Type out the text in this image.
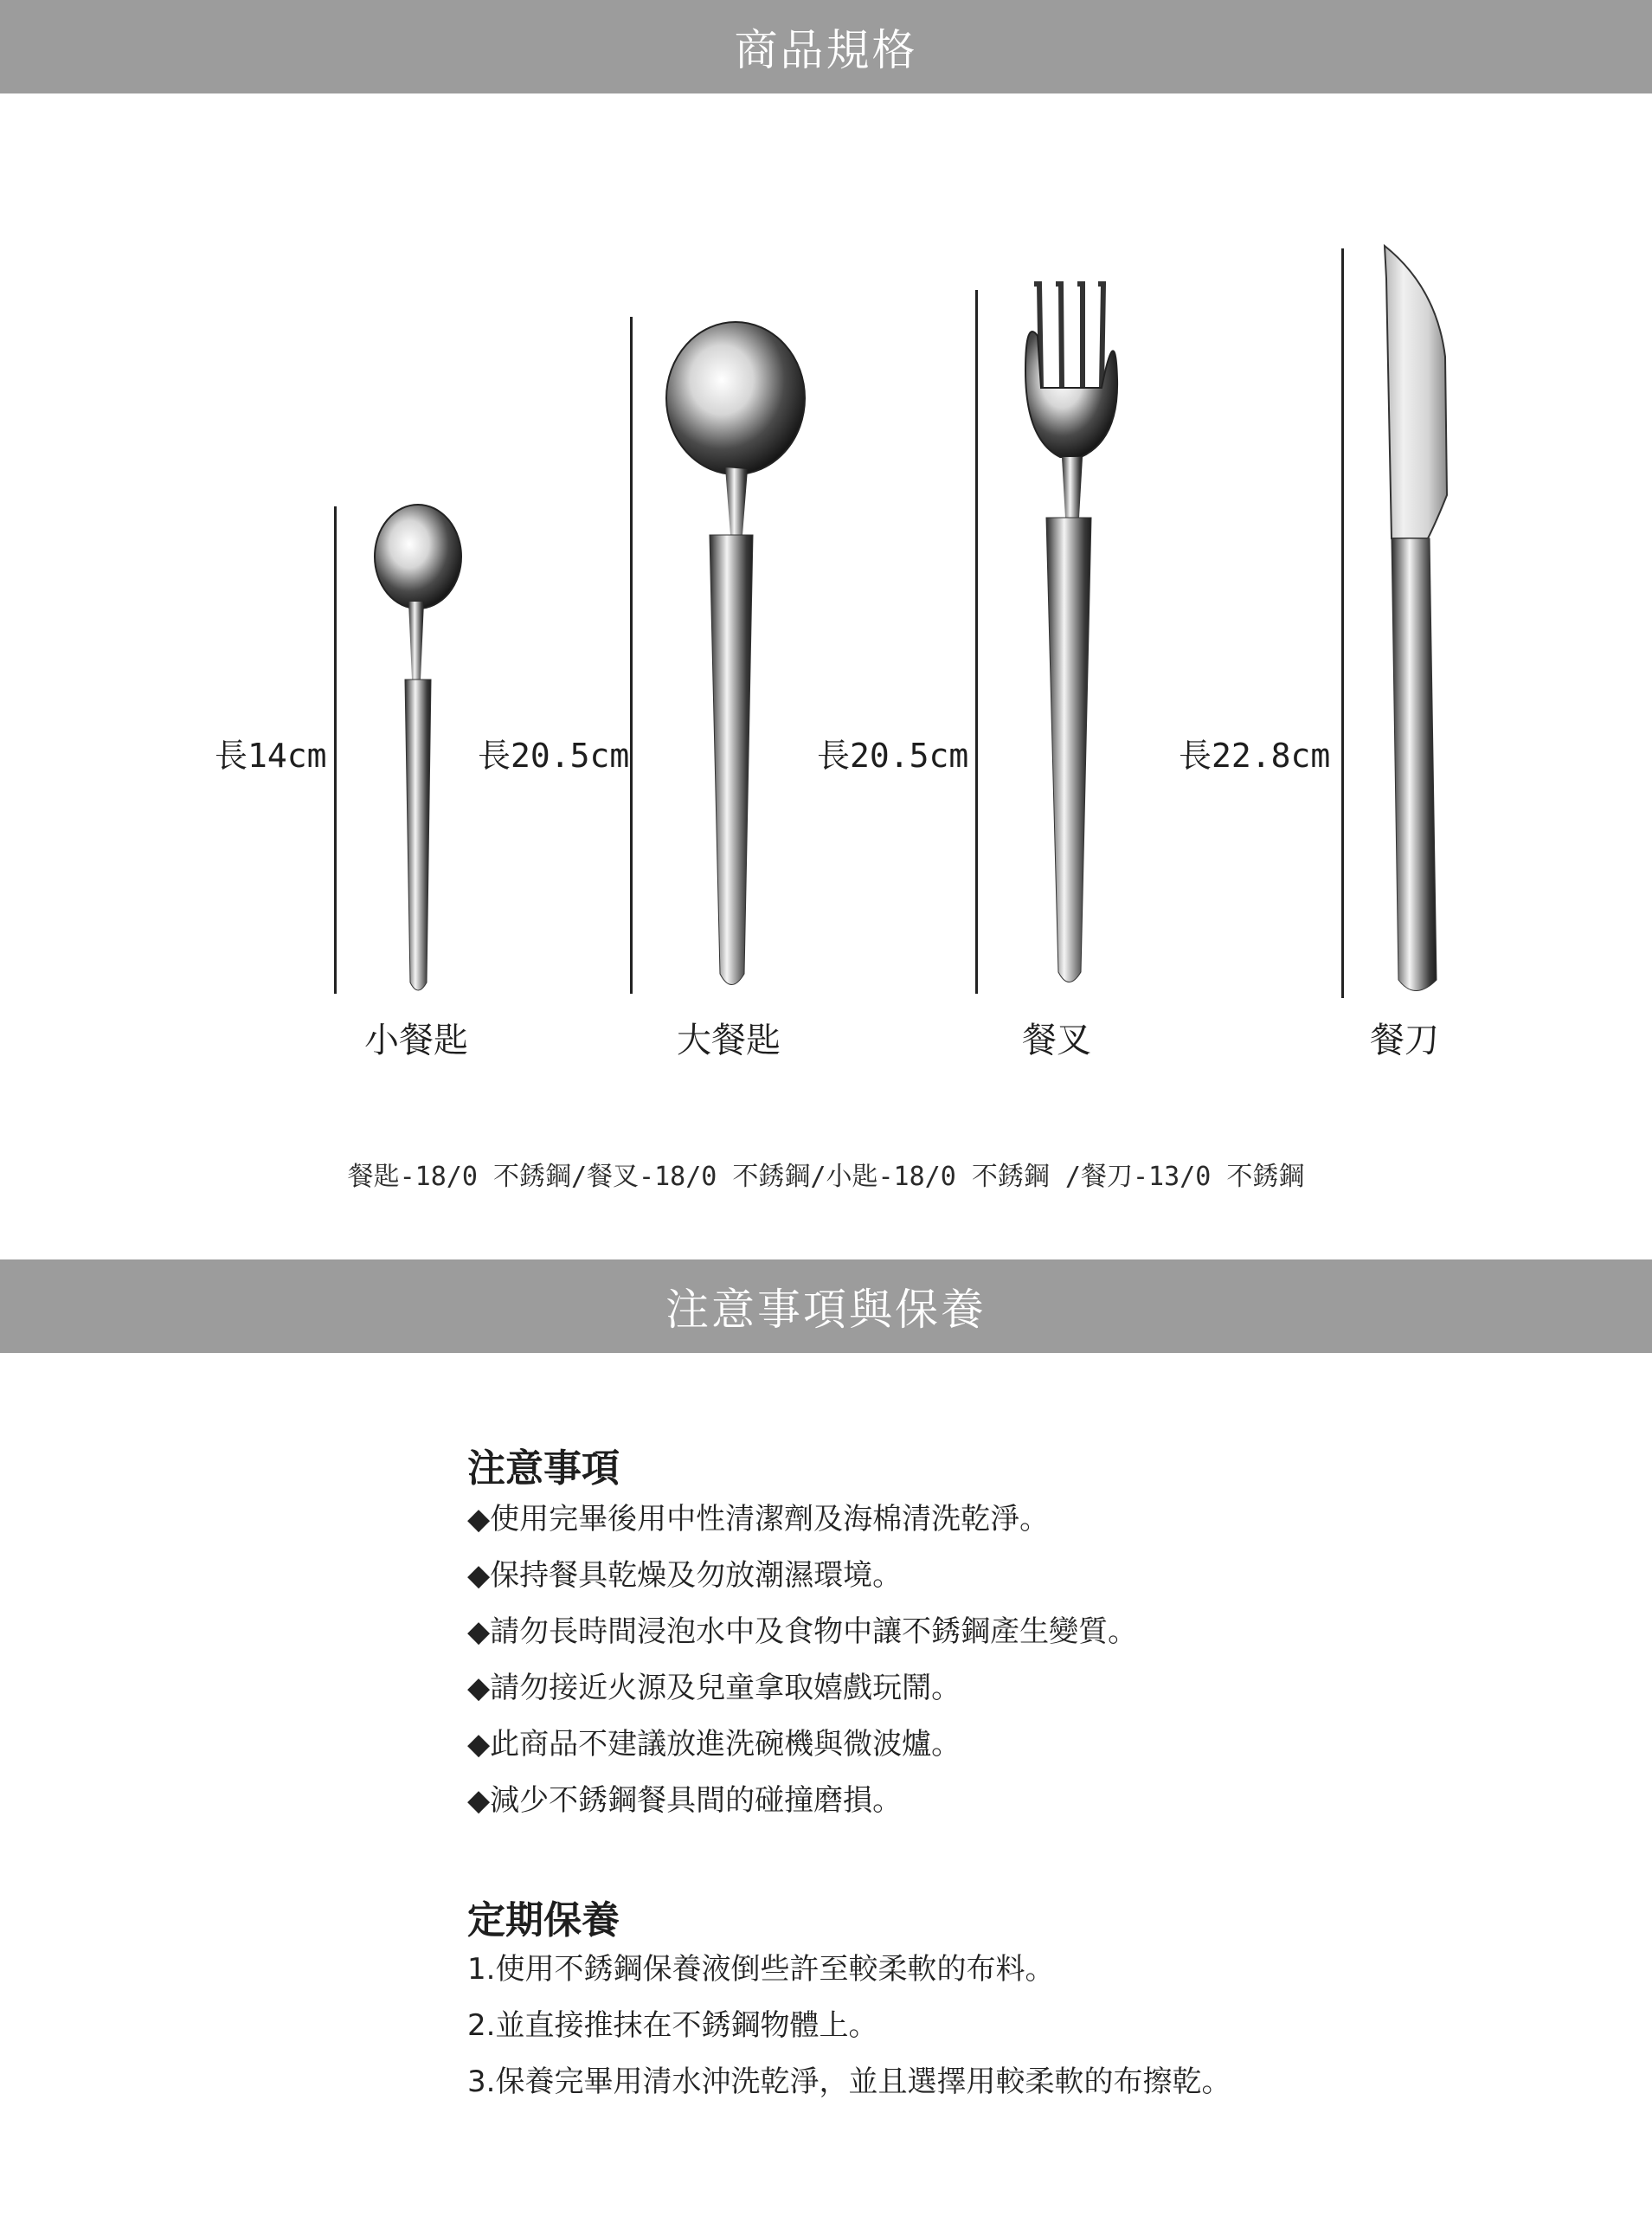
商品規格
長14cm	長20.5cm	長20.5cm	長22.8cm
小餐匙	大餐匙	餐叉	餐刀
餐匙-18/0 不銹鋼/餐叉-18/0 不銹鋼/小匙-18/0 不銹鋼 /餐刀-13/0 不銹鋼
注意事項與保養
注意事項
◆使用完畢後用中性清潔劑及海棉清洗乾淨。
◆保持餐具乾燥及勿放潮濕環境。
◆請勿長時間浸泡水中及食物中讓不銹鋼產生變質。
◆請勿接近火源及兒童拿取嬉戲玩鬧。
◆此商品不建議放進洗碗機與微波爐。
◆減少不銹鋼餐具間的碰撞磨損。
定期保養
1.使用不銹鋼保養液倒些許至較柔軟的布料。
2.並直接推抹在不銹鋼物體上。
3.保養完畢用清水沖洗乾淨，並且選擇用較柔軟的布擦乾。
